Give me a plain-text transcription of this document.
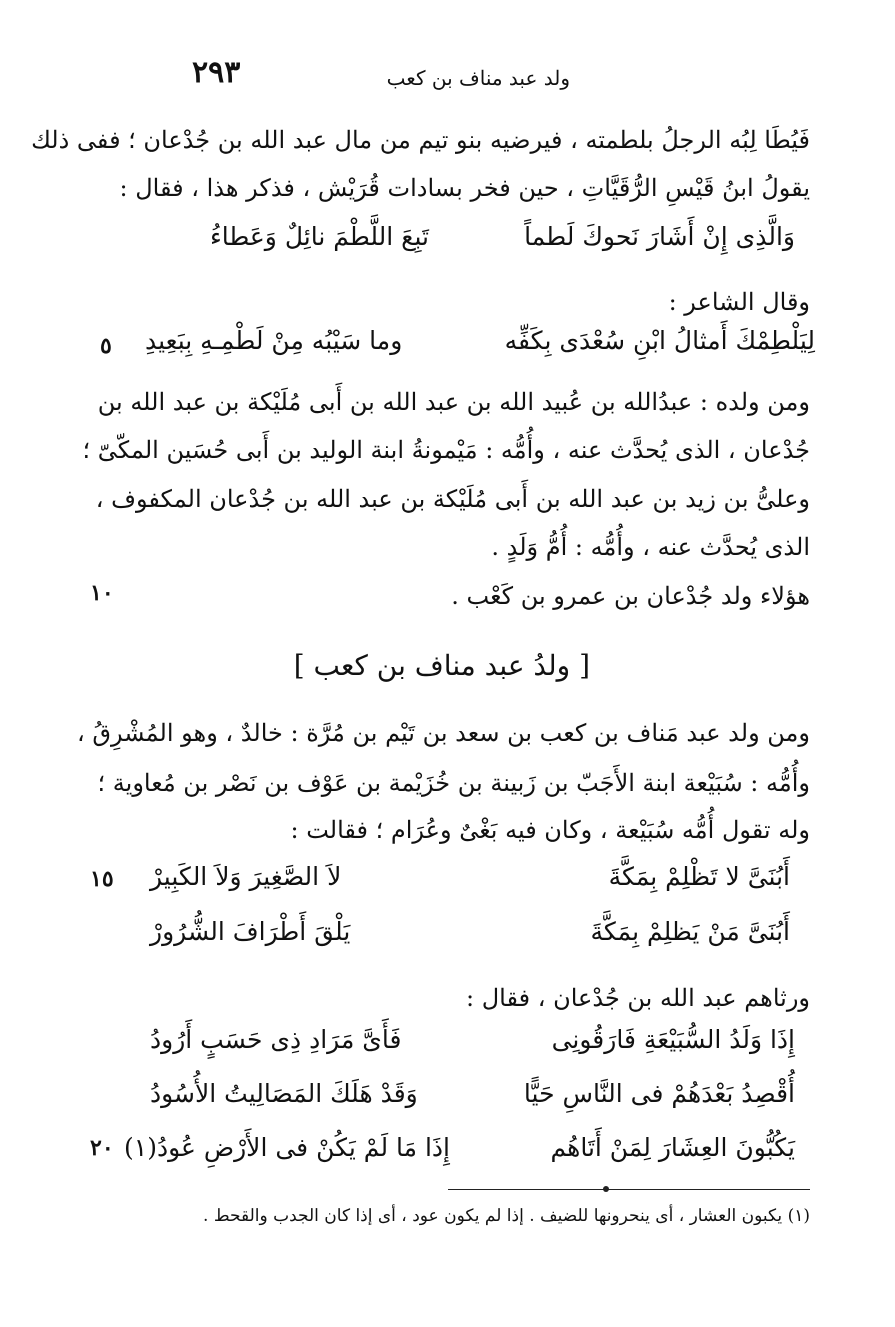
٢٩٣	ولد عبد مناف بن كعب
فَيُطَا لِبُه الرجلُ بلطمته ، فيرضيه بنو تيم من مال عبد الله بن جُدْعان ؛ ففى ذلك
يقولُ ابنُ قَيْسِ الرُّقَيَّاتِ ، حين فخر بسادات قُرَيْش ، فذكر هذا ، فقال :
وَالَّذِى إِنْ أَشَارَ نَحوكَ لَطماً
تَبِعَ اللَّطْمَ نائِلٌ وَعَطاءُ
وقال الشاعر :
٥	لِيَلْطِمْكَ أَمثالُ ابْنِ سُعْدَى بِكَفِّه
وما سَيْبُه مِنْ لَطْمِـهِ بِبَعِيدِ
ومن ولده : عبدُالله بن عُبيد الله بن عبد الله بن أَبى مُلَيْكة بن عبد الله بن
جُدْعان ، الذى يُحدَّث عنه ، وأُمُّه : مَيْمونةُ ابنة الوليد بن أَبى حُسَين المكّىّ ؛
وعلىُّ بن زيد بن عبد الله بن أَبى مُلَيْكة بن عبد الله بن جُدْعان المكفوف ،
الذى يُحدَّث عنه ، وأُمُّه : أُمُّ وَلَدٍ .
١٠	هؤلاء ولد جُدْعان بن عمرو بن كَعْب .
[ ولدُ عبد مناف بن كعب ]
ومن ولد عبد مَناف بن كعب بن سعد بن تَيْم بن مُرَّة : خالدٌ ، وهو المُشْرِقُ ،
وأُمُّه : سُبَيْعة ابنة الأَجَبّ بن زَبينة بن خُزَيْمة بن عَوْف بن نَصْر بن مُعاوية ؛
وله تقول أُمُّه سُبَيْعة ، وكان فيه بَغْىٌ وعُرَام ؛ فقالت :
١٥	أَبُنَىَّ لا تَظْلِمْ بِمَكَّةَ
لاَ الصَّغِيرَ وَلاَ الكَبِيرْ
أَبُنَىَّ مَنْ يَظلِمْ بِمَكَّةَ
يَلْقَ أَطْرَافَ الشُّرُورْ
ورثاهم عبد الله بن جُدْعان ، فقال :
إِذَا وَلَدُ السُّبَيْعَةِ فَارَقُونِى
فَأَىَّ مَرَادِ ذِى حَسَبٍ أَرُودُ
أُقْصِدُ بَعْدَهُمْ فى النَّاسِ حَيًّا
وَقَدْ هَلَكَ المَصَالِيتُ الأُسُودُ
٢٠	يَكُبُّونَ العِشَارَ لِمَنْ أَتَاهُم
إِذَا مَا لَمْ يَكُنْ فى الأَرْضِ عُودُ(١)
(١) يكبون العشار ، أى ينحرونها للضيف . إذا لم يكون عود ، أى إذا كان الجدب والقحط .
